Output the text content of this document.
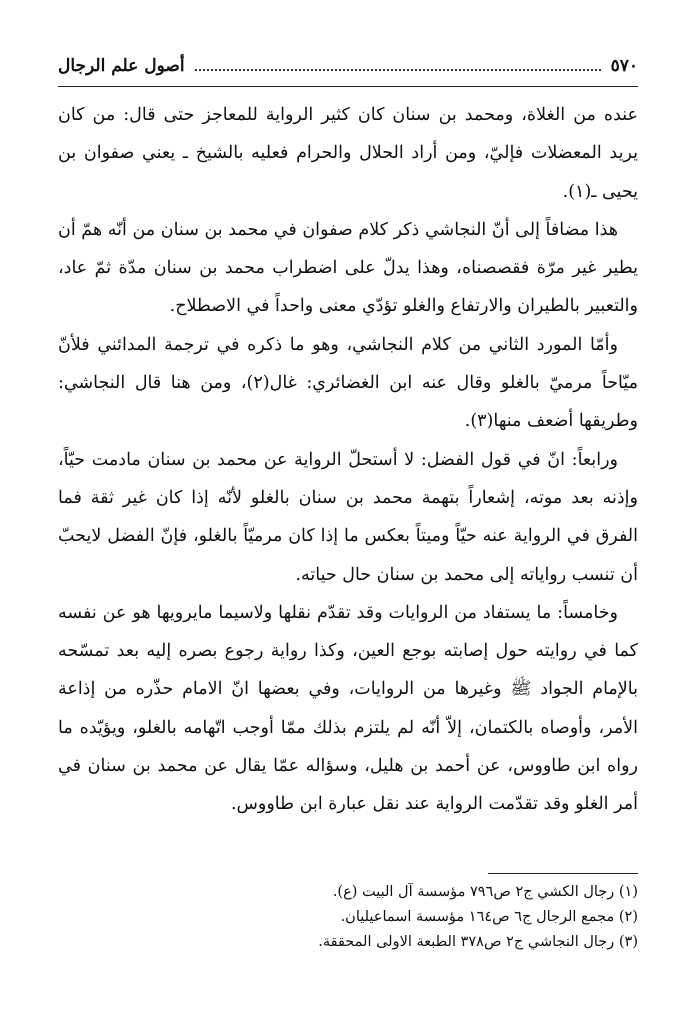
٥٧٠
أصول علم الرجال

عنده من الغلاة، ومحمد بن سنان كان كثير الرواية للمعاجز حتى قال: من كان يريد المعضلات فإليّ، ومن أراد الحلال والحرام فعليه بالشيخ ـ يعني صفوان بن يحيى ـ(١).

هذا مضافاً إلى أنّ النجاشي ذكر كلام صفوان في محمد بن سنان من أنّه همّ أن يطير غير مرّة فقصصناه، وهذا يدلّ على اضطراب محمد بن سنان مدّة ثمّ عاد، والتعبير بالطيران والارتفاع والغلو تؤدّي معنى واحداً في الاصطلاح.

وأمّا المورد الثاني من كلام النجاشي، وهو ما ذكره في ترجمة المدائني فلأنّ ميّاحاً مرميّ بالغلو وقال عنه ابن الغضائري: غال(٢)، ومن هنا قال النجاشي: وطريقها أضعف منها(٣).

ورابعاً: انّ في قول الفضل: لا أستحلّ الرواية عن محمد بن سنان مادمت حيّاً، وإذنه بعد موته، إشعاراً بتهمة محمد بن سنان بالغلو لأنّه إذا كان غير ثقة فما الفرق في الرواية عنه حيّاً وميتاً بعكس ما إذا كان مرميّاً بالغلو، فإنّ الفضل لايحبّ أن تنسب رواياته إلى محمد بن سنان حال حياته.

وخامساً: ما يستفاد من الروايات وقد تقدّم نقلها ولاسيما مايرويها هو عن نفسه كما في روايته حول إصابته بوجع العين، وكذا رواية رجوع بصره إليه بعد تمسّحه بالإمام الجواد ﷺ وغيرها من الروايات، وفي بعضها انّ الامام حذّره من إذاعة الأمر، وأوصاه بالكتمان، إلاّ أنّه لم يلتزم بذلك ممّا أوجب اتّهامه بالغلو، ويؤيّده ما رواه ابن طاووس، عن أحمد بن هليل، وسؤاله عمّا يقال عن محمد بن سنان في أمر الغلو وقد تقدّمت الرواية عند نقل عبارة ابن طاووس.

(١) رجال الكشي ج٢ ص٧٩٦ مؤسسة آل البيت (ع).
(٢) مجمع الرجال ج٦ ص١٦٤ مؤسسة اسماعيليان.
(٣) رجال النجاشي ج٢ ص٣٧٨ الطبعة الاولى المحققة.
